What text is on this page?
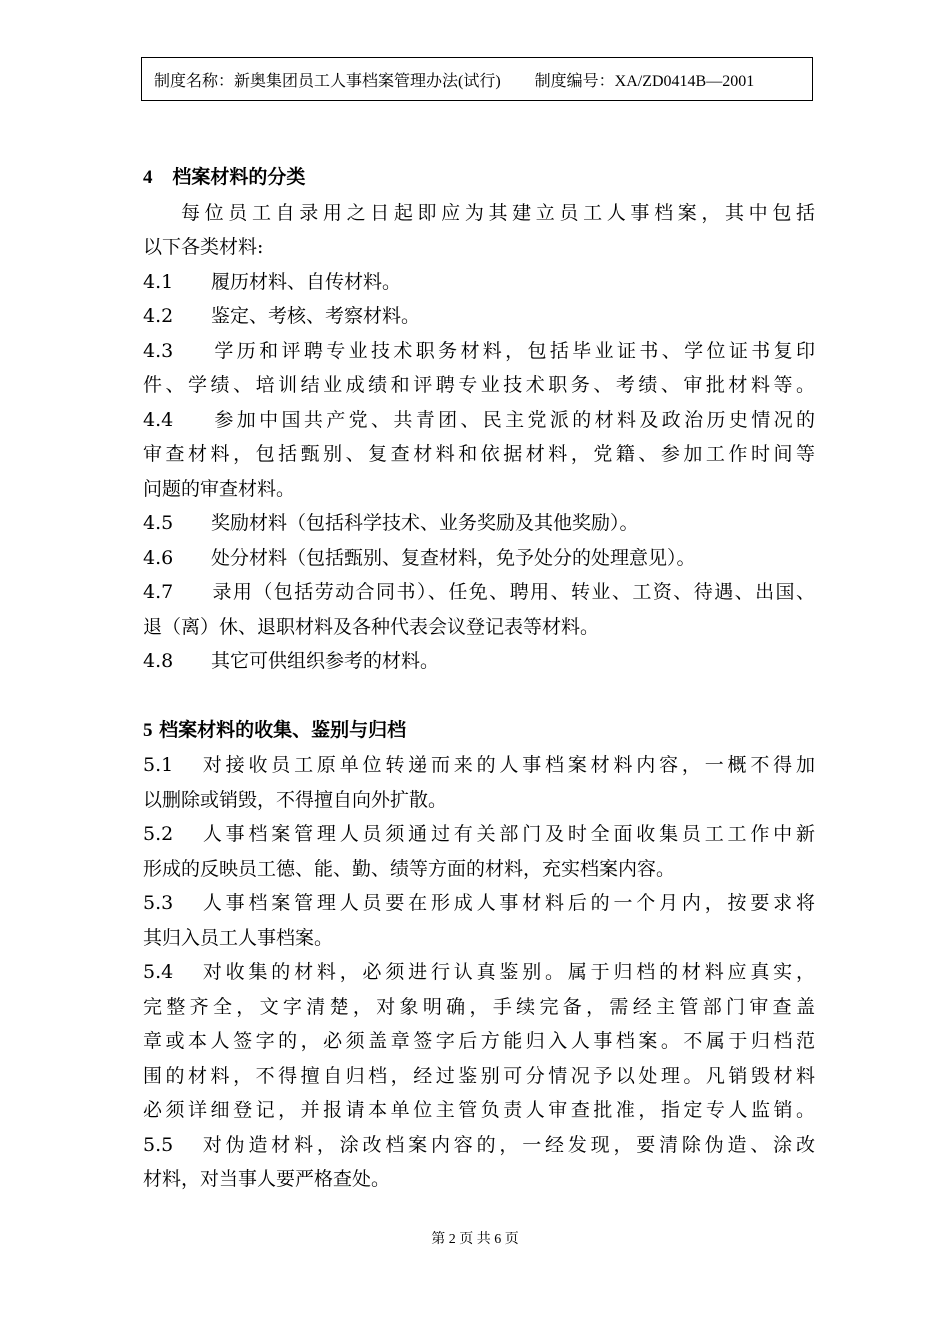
制度名称：新奥集团员工人事档案管理办法(试行) 制度编号：XA/ZD0414B—2001

4 档案材料的分类

每位员工自录用之日起即应为其建立员工人事档案，其中包括

以下各类材料:

4.1 履历材料、自传材料。

4.2 鉴定、考核、考察材料。

4.3 学历和评聘专业技术职务材料，包括毕业证书、学位证书复印

件、学绩、培训结业成绩和评聘专业技术职务、考绩、审批材料等。

4.4 参加中国共产党、共青团、民主党派的材料及政治历史情况的

审查材料，包括甄别、复查材料和依据材料，党籍、参加工作时间等

问题的审查材料。

4.5 奖励材料（包括科学技术、业务奖励及其他奖励）。

4.6 处分材料（包括甄别、复查材料，免予处分的处理意见）。

4.7 录用（包括劳动合同书）、任免、聘用、转业、工资、待遇、出国、

退（离）休、退职材料及各种代表会议登记表等材料。

4.8 其它可供组织参考的材料。

5 档案材料的收集、鉴别与归档

5.1 对接收员工原单位转递而来的人事档案材料内容，一概不得加

以删除或销毁，不得擅自向外扩散。

5.2 人事档案管理人员须通过有关部门及时全面收集员工工作中新

形成的反映员工德、能、勤、绩等方面的材料，充实档案内容。

5.3 人事档案管理人员要在形成人事材料后的一个月内，按要求将

其归入员工人事档案。

5.4 对收集的材料，必须进行认真鉴别。属于归档的材料应真实，

完整齐全，文字清楚，对象明确，手续完备，需经主管部门审查盖

章或本人签字的，必须盖章签字后方能归入人事档案。不属于归档范

围的材料，不得擅自归档，经过鉴别可分情况予以处理。凡销毁材料

必须详细登记，并报请本单位主管负责人审查批准，指定专人监销。

5.5 对伪造材料，涂改档案内容的，一经发现，要清除伪造、涂改

材料，对当事人要严格查处。

第 2 页 共 6 页
